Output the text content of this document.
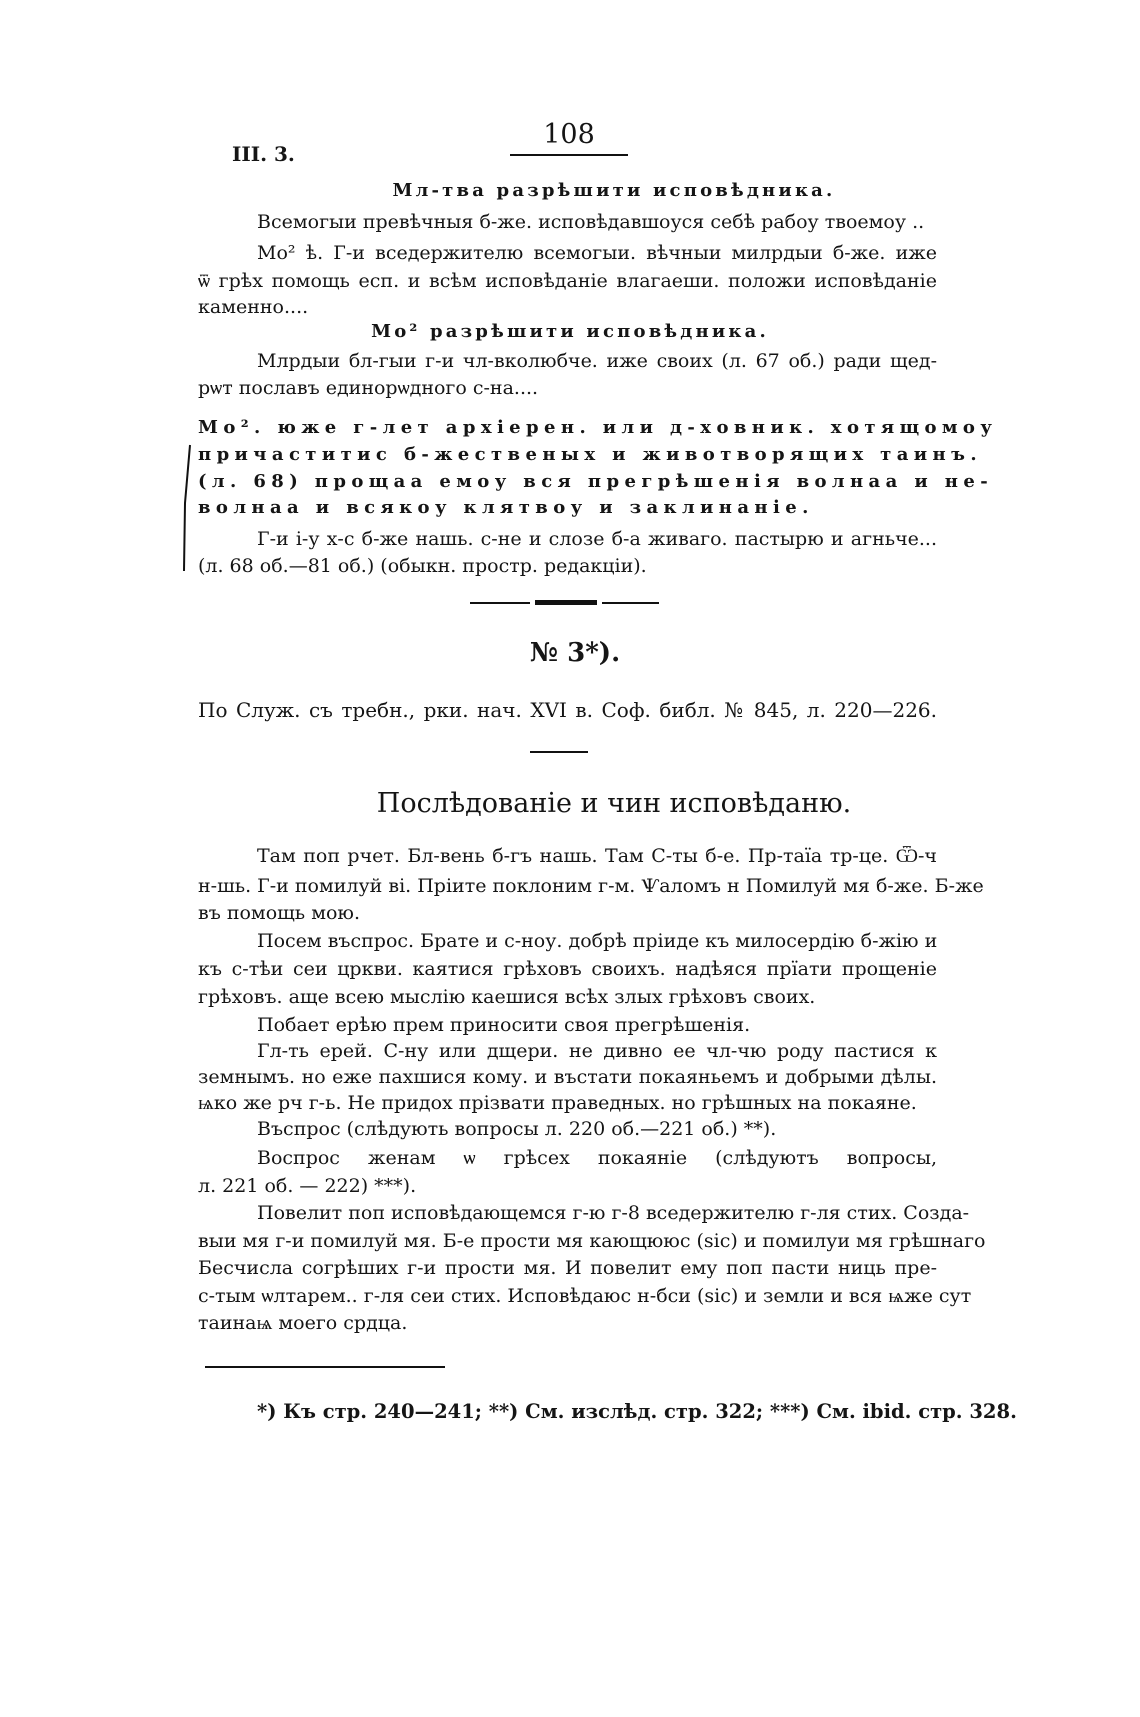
III. 3.
108
Мл-тва разрѣшити исповѣдника.
Всемогыи превѣчныя б-же. исповѣдавшоуся себѣ рабоу твоемоу ..
Мо² ѣ. Г-и вседержителю всемогыи. вѣчныи милрдыи б-же. иже
ѿ грѣх помощь есп. и всѣм исповѣданіе влагаеши. положи исповѣданіе
каменно....
Мо² разрѣшити исповѣдника.
Млрдыи бл-гыи г-и чл-вколюбче. иже своих (л. 67 об.) ради щед-
рѡт пославъ единорѡдного с-на....
Мо². юже г-лет архіерен. или д-ховник. хотящомоу
причаститис б-жественых и животворящих таинъ.
(л. 68) прощаа емоу вся прегрѣшенія волнаа и не-
волнаа и всякоу клятвоу и заклинаніе.
Г-и і-у х-с б-же нашь. с-не и слозе б-а живаго. пастырю и агньче...
(л. 68 об.—81 об.) (обыкн. простр. редакціи).
№ 3*).
По Служ. съ требн., рки. нач. XVI в. Соф. библ. № 845, л. 220—226.
Послѣдованіе и чин исповѣданю.
Там поп рчет. Бл-вень б-гъ нашь. Там С-ты б-е. Пр-таїа тр-це. Ѿ-ч
н-шь. Г-и помилуй ві. Пріите поклоним г-м. Ѱаломъ н Помилуй мя б-же. Б-же
въ помощь мою.
Посем въспрос. Брате и с-ноу. добрѣ пріиде къ милосердію б-жію и
къ с-тѣи сеи цркви. каятися грѣховъ своихъ. надѣяся прїати прощеніе
грѣховъ. аще всею мыслію каешися всѣх злых грѣховъ своих.
Побает ерѣю прем приносити своя прегрѣшенія.
Гл-ть ерей. С-ну или дщери. не дивно ее чл-чю роду пастися к
земнымъ. но еже пахшися кому. и въстати покаяньемъ и добрыми дѣлы.
ѩко же рч г-ь. Не придох прізвати праведных. но грѣшных на покаяне.
Въспрос (слѣдують вопросы л. 220 об.—221 об.) **).
Воспрос женам ѡ грѣсех покаяніе (слѣдуютъ вопросы,
л. 221 об. — 222) ***).
Повелит поп исповѣдающемся г-ю г-8 вседержителю г-ля стих. Созда-
выи мя г-и помилуй мя. Б-е прости мя кающююс (sic) и помилуи мя грѣшнаго
Бесчисла согрѣших г-и прости мя. И повелит ему поп пасти ниць пре-
с-тым ѡлтарем.. г-ля сеи стих. Исповѣдаюс н-бси (sic) и земли и вся ѩже сут
таинаѩ моего срдца.
*) Къ стр. 240—241; **) См. изслѣд. стр. 322; ***) См. ibid. стр. 328.
